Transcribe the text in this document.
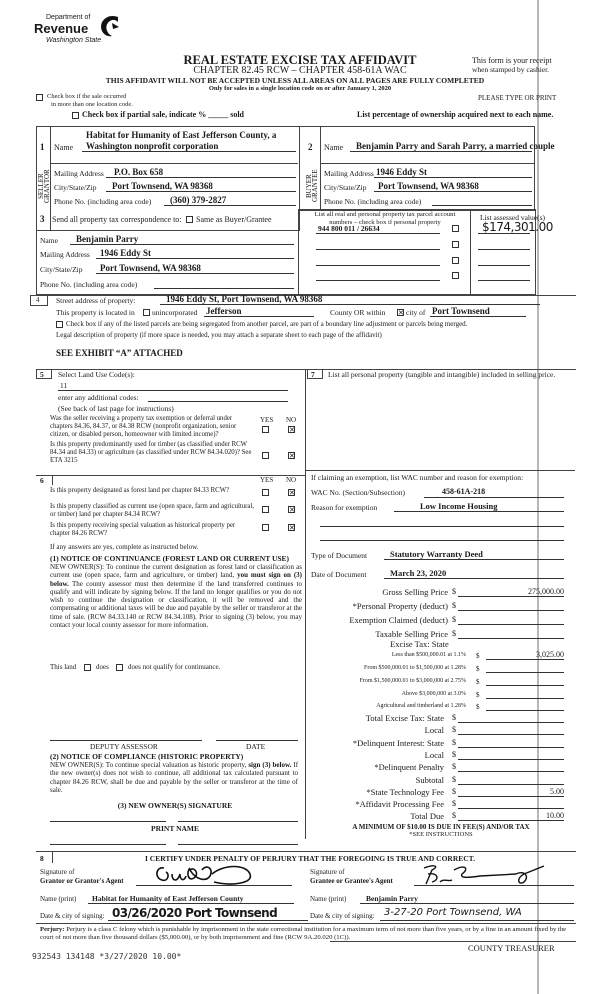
Department of
Revenue
Washington State
REAL ESTATE EXCISE TAX AFFIDAVIT
CHAPTER 82.45 RCW – CHAPTER 458-61A WAC
THIS AFFIDAVIT WILL NOT BE ACCEPTED UNLESS ALL AREAS ON ALL PAGES ARE FULLY COMPLETED
Only for sales in a single location code on or after January 1, 2020
This form is your receipt
when stamped by cashier.
PLEASE TYPE OR PRINT
Check box if the sale occurred
in more than one location code.
Check box if partial sale, indicate % _____ sold	List percentage of ownership acquired next to each name.
1 Name
Habitat for Humanity of East Jefferson County, a
Washington nonprofit corporation
SELLER
GRANTOR Mailing Address P.O. Box 658
City/State/Zip Port Townsend, WA 98368
Phone No. (including area code) (360) 379-2827
2 Name Benjamin Parry and Sarah Parry, a married couple
BUYER
GRANTEE Mailing Address 1946 Eddy St
City/State/Zip Port Townsend, WA 98368
Phone No. (including area code)
3 Send all property tax correspondence to: Same as Buyer/Grantee
Name Benjamin Parry
Mailing Address 1946 Eddy St
City/State/Zip Port Townsend, WA 98368
Phone No. (including area code)
List all real and personal property tax parcel account
numbers – check box if personal property
List assessed value(s)
944 800 011 / 26634	$174,301.00
4 Street address of property:	1946 Eddy St, Port Townsend, WA 98368
This property is located in unincorporated Jefferson	County OR within ✕ city of Port Townsend
Check box if any of the listed parcels are being segregated from another parcel, are part of a boundary line adjustment or parcels being merged.
Legal description of property (if more space is needed, you may attach a separate sheet to each page of the affidavit)
SEE EXHIBIT “A” ATTACHED
5 Select Land Use Code(s):
11
enter any additional codes:
(See back of last page for instructions)
YES NO
Was the seller receiving a property tax exemption or deferral under chapters 84.36, 84.37, or 84.38 RCW (nonprofit organization, senior citizen, or disabled person, homeowner with limited income)?
✕
Is this property predominantly used for timber (as classified under RCW 84.34 and 84.33) or agriculture (as classified under RCW 84.34.020)? See ETA 3215
✕
6	YES NO
Is this property designated as forest land per chapter 84.33 RCW?	✕
Is this property classified as current use (open space, farm and agricultural, or timber) land per chapter 84.34 RCW?
✕
Is this property receiving special valuation as historical property per chapter 84.26 RCW?
✕
If any answers are yes, complete as instructed below.
(1) NOTICE OF CONTINUANCE (FOREST LAND OR CURRENT USE)
NEW OWNER(S): To continue the current designation as forest land or classification as current use (open space, farm and agriculture, or timber) land, you must sign on (3) below. The county assessor must then determine if the land transferred continues to qualify and will indicate by signing below. If the land no longer qualifies or you do not wish to continue the designation or classification, it will be removed and the compensating or additional taxes will be due and payable by the seller or transferor at the time of sale. (RCW 84.33.140 or RCW 84.34.108). Prior to signing (3) below, you may contact your local county assessor for more information.
This land	does	does not qualify for continuance.
DEPUTY ASSESSOR	DATE
(2) NOTICE OF COMPLIANCE (HISTORIC PROPERTY)
NEW OWNER(S): To continue special valuation as historic property, sign (3) below. If the new owner(s) does not wish to continue, all additional tax calculated pursuant to chapter 84.26 RCW, shall be due and payable by the seller or transferor at the time of sale.
(3) NEW OWNER(S) SIGNATURE
PRINT NAME
7 List all personal property (tangible and intangible) included in selling price.
If claiming an exemption, list WAC number and reason for exemption:
WAC No. (Section/Subsection)	458-61A-218
Reason for exemption	Low Income Housing
Type of Document	Statutory Warranty Deed
Date of Document	March 23, 2020
Gross Selling Price $	275,000.00
*Personal Property (deduct) $
Exemption Claimed (deduct) $
Taxable Selling Price $
Less than $500,000.01 at 1.1% $	3,025.00
From $500,000.01 to $1,500,000 at 1.28% $
From $1,500,000.01 to $3,000,000 at 2.75% $
Above $3,000,000 at 3.0% $
Agricultural and timberland at 1.28% $
Total Excise Tax: State $
Local $
*Delinquent Interest: State $
Local $
*Delinquent Penalty $
Subtotal $
*State Technology Fee $	5.00
*Affidavit Processing Fee $
Total Due $	10.00
Excise Tax: State
A MINIMUM OF $10.00 IS DUE IN FEE(S) AND/OR TAX
*SEE INSTRUCTIONS
8	I CERTIFY UNDER PENALTY OF PERJURY THAT THE FOREGOING IS TRUE AND CORRECT.
Signature of
Grantor or Grantor's Agent
Signature of
Grantee or Grantee's Agent
Name (print) Habitat for Humanity of East Jefferson County	Name (print)	Benjamin Parry
Date & city of signing: 03/26/2020 Port Townsend	Date & city of signing: 3-27-20 Port Townsend, WA
Perjury: Perjury is a class C felony which is punishable by imprisonment in the state correctional institution for a maximum term of not more than five years, or by a fine in an amount fixed by the court of not more than five thousand dollars ($5,000.00), or by both imprisonment and fine (RCW 9A.20.020 (1C)).
COUNTY TREASURER
932543 134148 *3/27/2020 10.00*
